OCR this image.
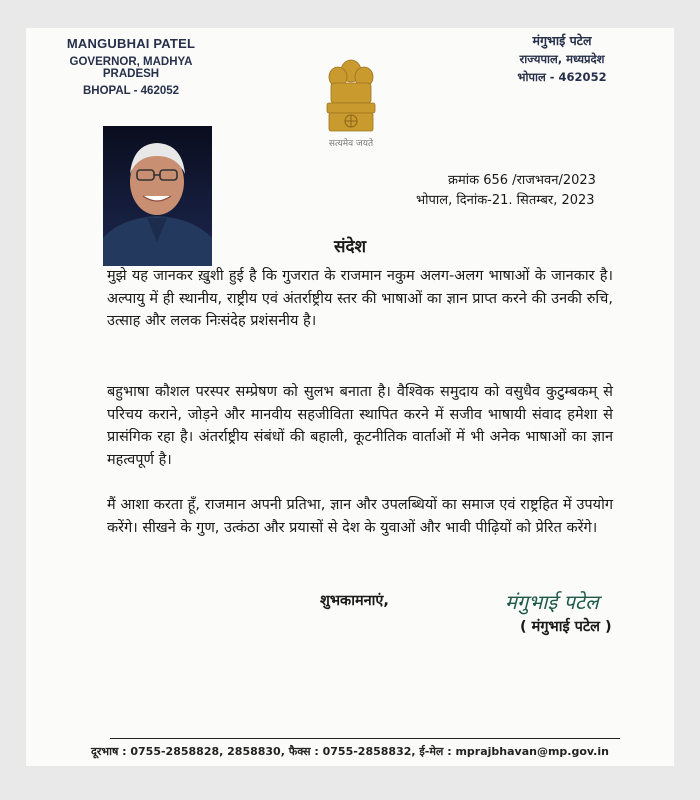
MANGUBHAI PATEL
GOVERNOR, MADHYA PRADESH
BHOPAL - 462052
सत्यमेव जयते
मंगुभाई पटेल
राज्यपाल, मध्यप्रदेश
भोपाल - 462052
क्रमांक 656 /राजभवन/2023
भोपाल, दिनांक-21. सितम्बर, 2023
संदेश

मुझे यह जानकर ख़ुशी हुई है कि गुजरात के राजमान नकुम अलग-अलग भाषाओं के जानकार है। अल्पायु में ही स्थानीय, राष्ट्रीय एवं अंतर्राष्ट्रीय स्तर की भाषाओं का ज्ञान प्राप्त करने की उनकी रुचि, उत्साह और ललक निःसंदेह प्रशंसनीय है।

बहुभाषा कौशल परस्पर सम्प्रेषण को सुलभ बनाता है। वैश्विक समुदाय को वसुधैव कुटुम्बकम् से परिचय कराने, जोड़ने और मानवीय सहजीविता स्थापित करने में सजीव भाषायी संवाद हमेशा से प्रासंगिक रहा है। अंतर्राष्ट्रीय संबंधों की बहाली, कूटनीतिक वार्ताओं में भी अनेक भाषाओं का ज्ञान महत्वपूर्ण है।

मैं आशा करता हूँ, राजमान अपनी प्रतिभा, ज्ञान और उपलब्धियों का समाज एवं राष्ट्रहित में उपयोग करेंगे। सीखने के गुण, उत्कंठा और प्रयासों से देश के युवाओं और भावी पीढ़ियों को प्रेरित करेंगे।

शुभकामनाएं,	मंगुभाई पटेल
( मंगुभाई पटेल )
दूरभाष : 0755-2858828, 2858830, फैक्स : 0755-2858832, ई-मेल : mprajbhavan@mp.gov.in
